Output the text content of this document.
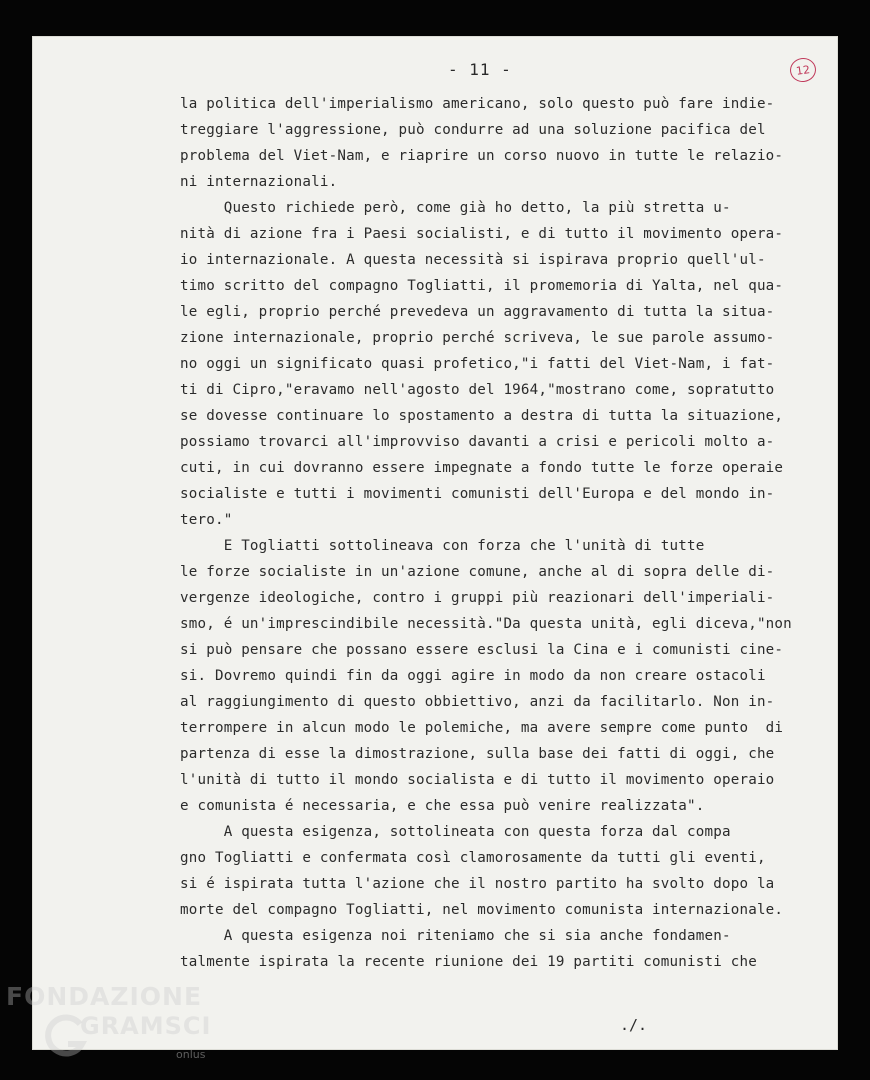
- 11 -	12
la politica dell'imperialismo americano, solo questo può fare indie-
treggiare l'aggressione, può condurre ad una soluzione pacifica del
problema del Viet-Nam, e riaprire un corso nuovo in tutte le relazio-
ni internazionali.
Questo richiede però, come già ho detto, la più stretta u-
nità di azione fra i Paesi socialisti, e di tutto il movimento opera-
io internazionale. A questa necessità si ispirava proprio quell'ul-
timo scritto del compagno Togliatti, il promemoria di Yalta, nel qua-
le egli, proprio perché prevedeva un aggravamento di tutta la situa-
zione internazionale, proprio perché scriveva, le sue parole assumo-
no oggi un significato quasi profetico,"i fatti del Viet-Nam, i fat-
ti di Cipro,"eravamo nell'agosto del 1964,"mostrano come, sopratutto
se dovesse continuare lo spostamento a destra di tutta la situazione,
possiamo trovarci all'improvviso davanti a crisi e pericoli molto a-
cuti, in cui dovranno essere impegnate a fondo tutte le forze operaie
socialiste e tutti i movimenti comunisti dell'Europa e del mondo in-
tero."
E Togliatti sottolineava con forza che l'unità di tutte
le forze socialiste in un'azione comune, anche al di sopra delle di-
vergenze ideologiche, contro i gruppi più reazionari dell'imperiali-
smo, é un'imprescindibile necessità."Da questa unità, egli diceva,"non
si può pensare che possano essere esclusi la Cina e i comunisti cine-
si. Dovremo quindi fin da oggi agire in modo da non creare ostacoli
al raggiungimento di questo obbiettivo, anzi da facilitarlo. Non in-
terrompere in alcun modo le polemiche, ma avere sempre come punto  di
partenza di esse la dimostrazione, sulla base dei fatti di oggi, che
l'unità di tutto il mondo socialista e di tutto il movimento operaio
e comunista é necessaria, e che essa può venire realizzata".
A questa esigenza, sottolineata con questa forza dal compa
gno Togliatti e confermata così clamorosamente da tutti gli eventi,
si é ispirata tutta l'azione che il nostro partito ha svolto dopo la
morte del compagno Togliatti, nel movimento comunista internazionale.
A questa esigenza noi riteniamo che si sia anche fondamen-
talmente ispirata la recente riunione dei 19 partiti comunisti che
./.
FONDAZIONE
GRAMSCI
onlus
